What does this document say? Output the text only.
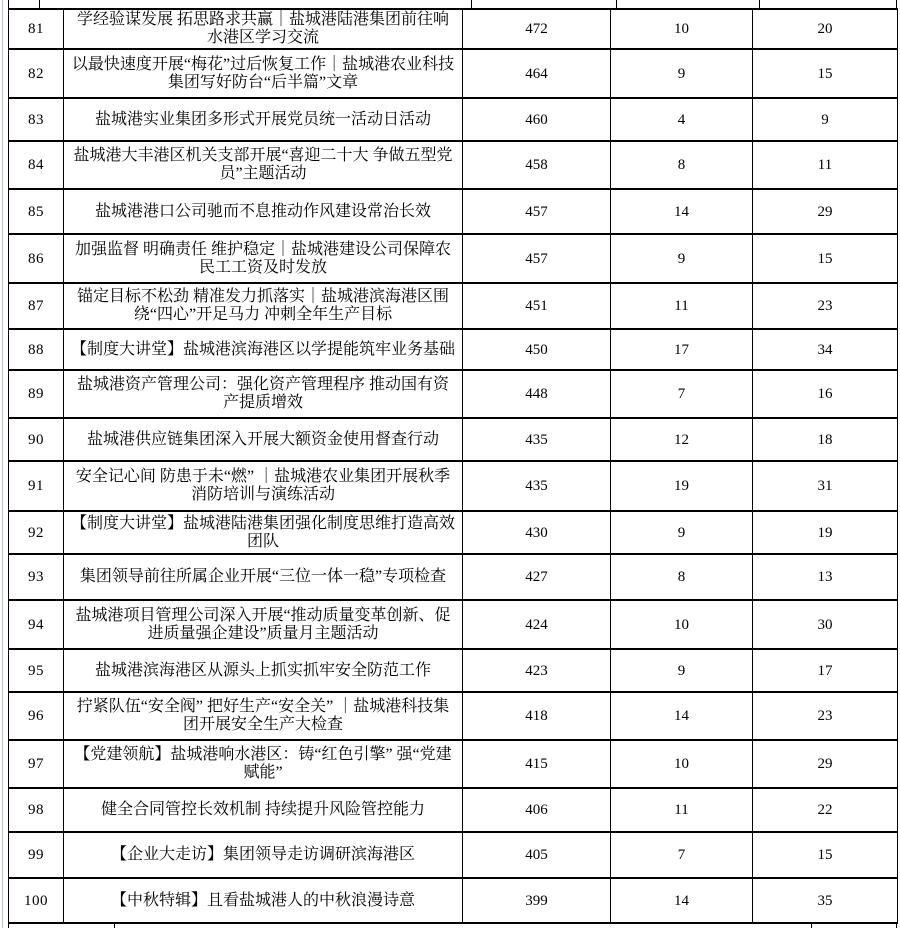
81	学经验谋发展 拓思路求共赢｜盐城港陆港集团前往响水港区学习交流	472	10	20
82	以最快速度开展“梅花”过后恢复工作｜盐城港农业科技集团写好防台“后半篇”文章	464	9	15
83	盐城港实业集团多形式开展党员统一活动日活动	460	4	9
84	盐城港大丰港区机关支部开展“喜迎二十大 争做五型党员”主题活动	458	8	11
85	盐城港港口公司驰而不息推动作风建设常治长效	457	14	29
86	加强监督 明确责任 维护稳定｜盐城港建设公司保障农民工工资及时发放	457	9	15
87	锚定目标不松劲 精准发力抓落实｜盐城港滨海港区围绕“四心”开足马力 冲刺全年生产目标	451	11	23
88	【制度大讲堂】盐城港滨海港区以学提能筑牢业务基础	450	17	34
89	盐城港资产管理公司：强化资产管理程序 推动国有资产提质增效	448	7	16
90	盐城港供应链集团深入开展大额资金使用督查行动	435	12	18
91	安全记心间 防患于未“燃” ｜盐城港农业集团开展秋季消防培训与演练活动	435	19	31
92	【制度大讲堂】盐城港陆港集团强化制度思维打造高效团队	430	9	19
93	集团领导前往所属企业开展“三位一体一稳”专项检查	427	8	13
94	盐城港项目管理公司深入开展“推动质量变革创新、促进质量强企建设”质量月主题活动	424	10	30
95	盐城港滨海港区从源头上抓实抓牢安全防范工作	423	9	17
96	拧紧队伍“安全阀” 把好生产“安全关” ｜盐城港科技集团开展安全生产大检查	418	14	23
97	【党建领航】盐城港响水港区：铸“红色引擎” 强“党建赋能”	415	10	29
98	健全合同管控长效机制 持续提升风险管控能力	406	11	22
99	【企业大走访】集团领导走访调研滨海港区	405	7	15
100	【中秋特辑】且看盐城港人的中秋浪漫诗意	399	14	35
